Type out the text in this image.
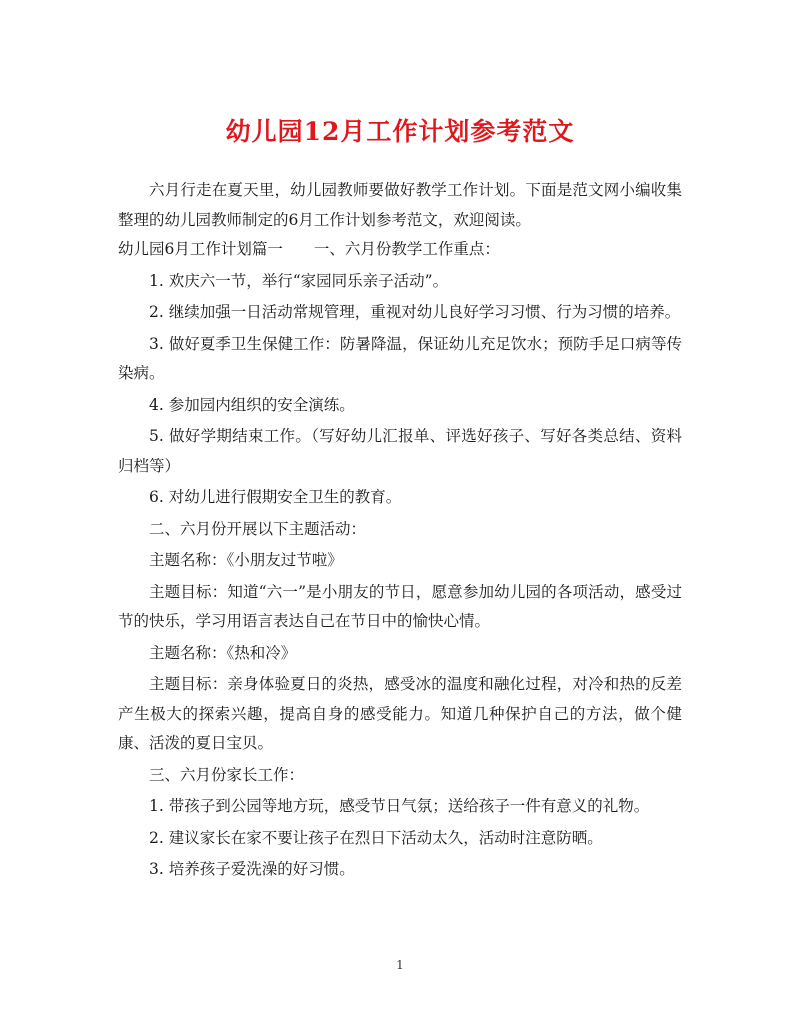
幼儿园12月工作计划参考范文

六月行走在夏天里，幼儿园教师要做好教学工作计划。下面是范文网小编收集整理的幼儿园教师制定的6月工作计划参考范文，欢迎阅读。

幼儿园6月工作计划篇一　　一、六月份教学工作重点：

1. 欢庆六一节，举行“家园同乐亲子活动”。

2. 继续加强一日活动常规管理，重视对幼儿良好学习习惯、行为习惯的培养。

3. 做好夏季卫生保健工作：防暑降温，保证幼儿充足饮水；预防手足口病等传染病。

4. 参加园内组织的安全演练。

5. 做好学期结束工作。（写好幼儿汇报单、评选好孩子、写好各类总结、资料归档等）

6. 对幼儿进行假期安全卫生的教育。

二、六月份开展以下主题活动：

主题名称：《小朋友过节啦》

主题目标：知道“六一”是小朋友的节日，愿意参加幼儿园的各项活动，感受过节的快乐，学习用语言表达自己在节日中的愉快心情。

主题名称：《热和冷》

主题目标：亲身体验夏日的炎热，感受冰的温度和融化过程，对冷和热的反差产生极大的探索兴趣，提高自身的感受能力。知道几种保护自己的方法，做个健康、活泼的夏日宝贝。

三、六月份家长工作：

1. 带孩子到公园等地方玩，感受节日气氛；送给孩子一件有意义的礼物。

2. 建议家长在家不要让孩子在烈日下活动太久，活动时注意防晒。

3. 培养孩子爱洗澡的好习惯。

1
